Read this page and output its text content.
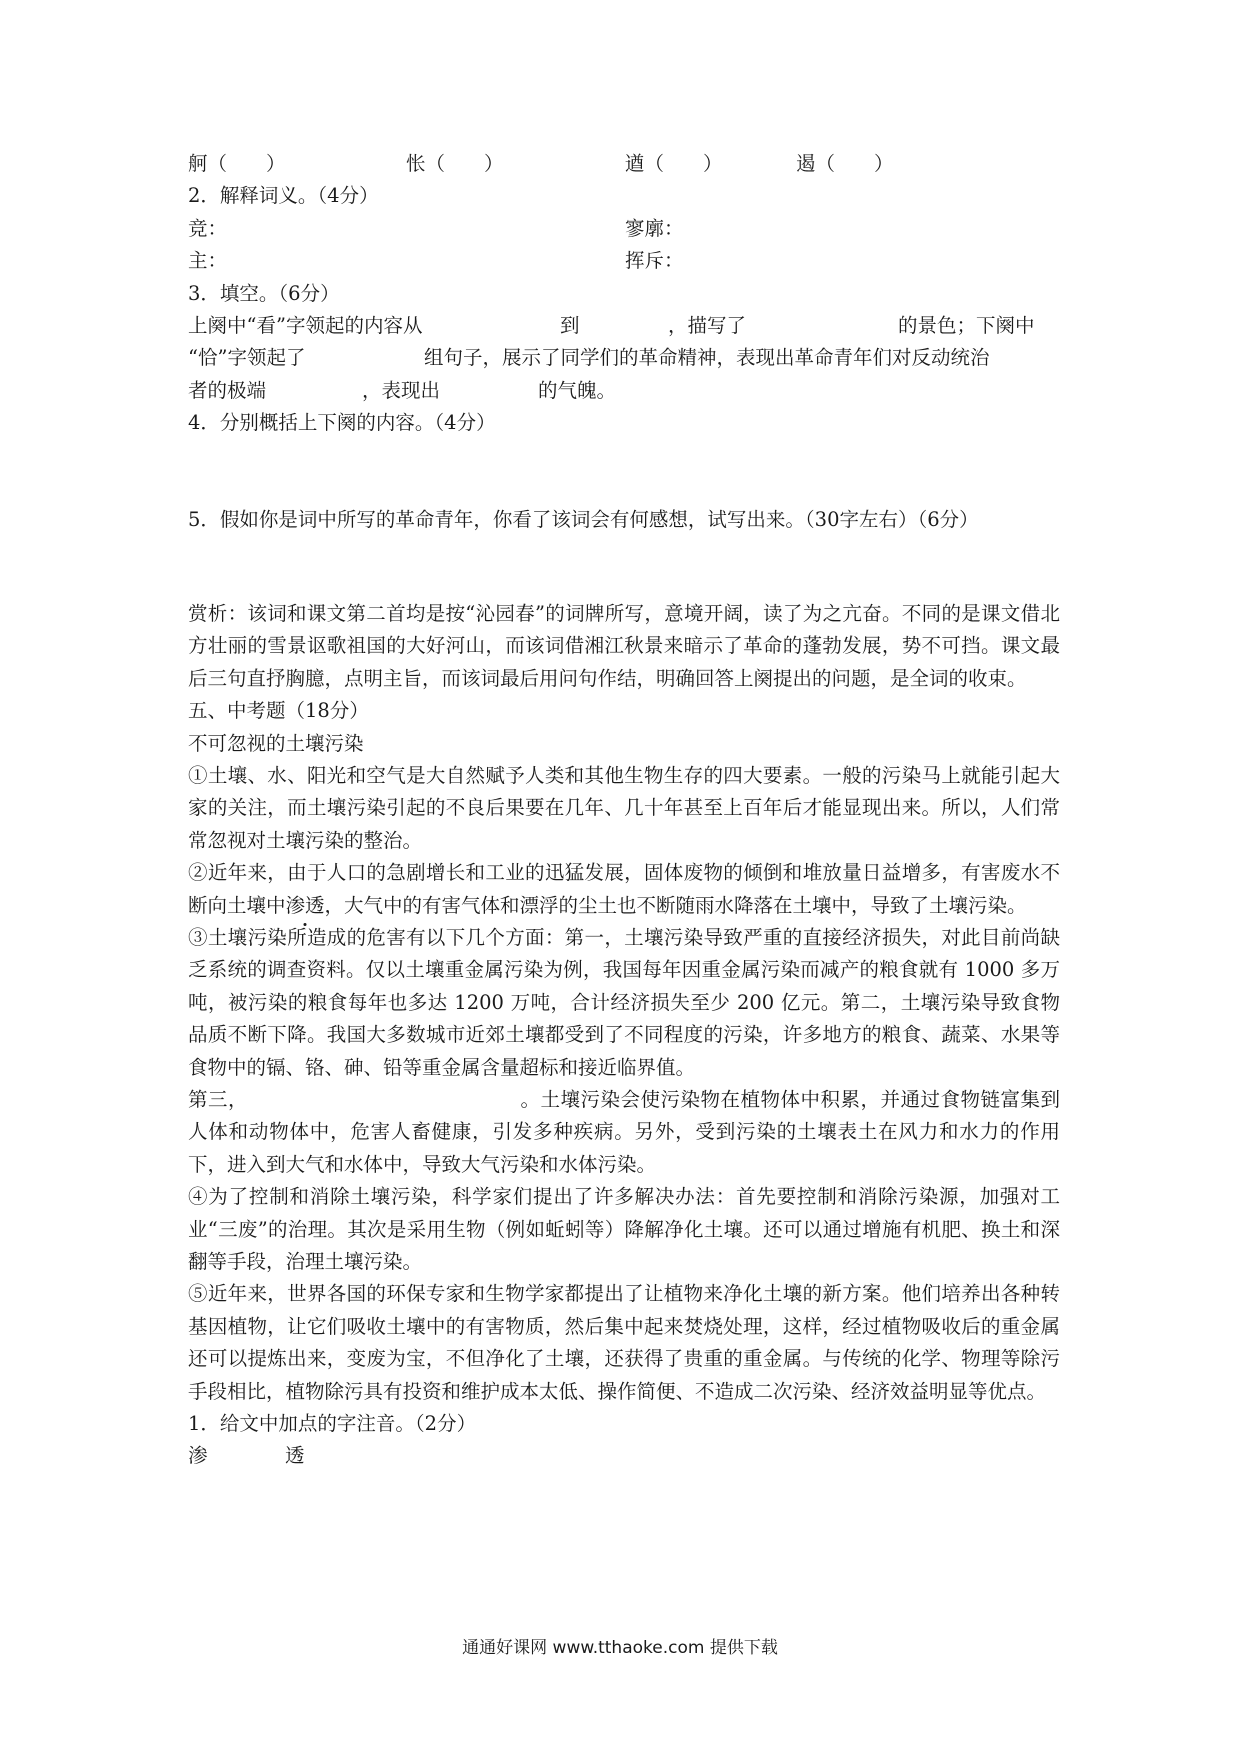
舸（　　）	怅（　　）	遒（　　）	遏（　　）

2．解释词义。（4分）

竞：	寥廓：
主：	挥斥：

3．填空。（6分）

上阕中“看”字领起的内容从	到	，描写了	的景色；下阕中
“恰”字领起了	组句子，展示了同学们的革命精神，表现出革命青年们对反动统治
者的极端	，表现出	的气魄。

4．分别概括上下阕的内容。（4分）

5．假如你是词中所写的革命青年，你看了该词会有何感想，试写出来。（30字左右）（6分）

赏析：该词和课文第二首均是按“沁园春”的词牌所写，意境开阔，读了为之亢奋。不同的是课文借北方壮丽的雪景讴歌祖国的大好河山，而该词借湘江秋景来暗示了革命的蓬勃发展，势不可挡。课文最后三句直抒胸臆，点明主旨，而该词最后用问句作结，明确回答上阕提出的问题，是全词的收束。

五、中考题（18分）

不可忽视的土壤污染

①土壤、水、阳光和空气是大自然赋予人类和其他生物生存的四大要素。一般的污染马上就能引起大家的关注，而土壤污染引起的不良后果要在几年、几十年甚至上百年后才能显现出来。所以，人们常常忽视对土壤污染的整治。

②近年来，由于人口的急剧增长和工业的迅猛发展，固体废物的倾倒和堆放量日益增多，有害废水不断向土壤中渗透，大气中的有害气体和漂浮的尘土也不断随雨水降落在土壤中，导致了土壤污染。

③土壤污染所造成的危害有以下几个方面：第一，土壤污染导致严重的直接经济损失，对此目前尚缺乏系统的调查资料。仅以土壤重金属污染为例，我国每年因重金属污染而减产的粮食就有 1000 多万吨，被污染的粮食每年也多达 1200 万吨，合计经济损失至少 200 亿元。第二，土壤污染导致食物品质不断下降。我国大多数城市近郊土壤都受到了不同程度的污染，许多地方的粮食、蔬菜、水果等食物中的镉、铬、砷、铅等重金属含量超标和接近临界值。

第三，	。土壤污染会使污染物在植物体中积累，并通过食物链富集到人体和动物体中，危害人畜健康，引发多种疾病。另外，受到污染的土壤表土在风力和水力的作用下，进入到大气和水体中，导致大气污染和水体污染。

④为了控制和消除土壤污染，科学家们提出了许多解决办法：首先要控制和消除污染源，加强对工业“三废”的治理。其次是采用生物（例如蚯蚓等）降解净化土壤。还可以通过增施有机肥、换土和深翻等手段，治理土壤污染。

⑤近年来，世界各国的环保专家和生物学家都提出了让植物来净化土壤的新方案。他们培养出各种转基因植物，让它们吸收土壤中的有害物质，然后集中起来焚烧处理，这样，经过植物吸收后的重金属还可以提炼出来，变废为宝，不但净化了土壤，还获得了贵重的重金属。与传统的化学、物理等除污手段相比，植物除污具有投资和维护成本太低、操作简便、不造成二次污染、经济效益明显等优点。

1．给文中加点的字注音。（2分）

渗	透
通通好课网 www.tthaoke.com 提供下载
